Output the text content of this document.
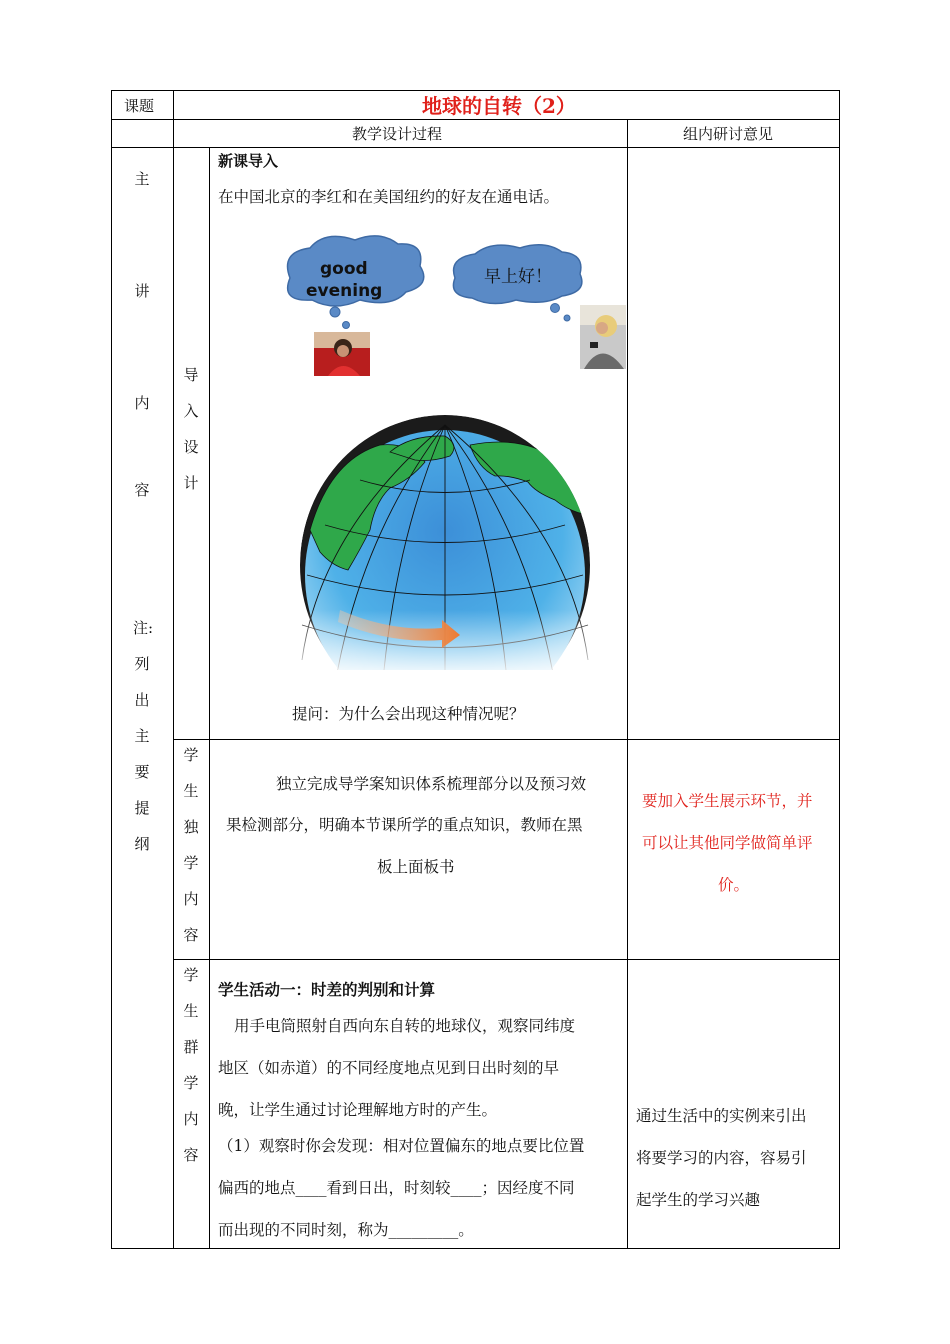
课题	地球的自转（2）
教学设计过程	组内研讨意见
主
讲
内
容
注:
列
出
主
要
提
纲
导
入
设
计
新课导入
在中国北京的李红和在美国纽约的好友在通电话。
good
evening
早上好！
提问：为什么会出现这种情况呢？
学
生
独
学
内
容
独立完成导学案知识体系梳理部分以及预习效
果检测部分，明确本节课所学的重点知识，教师在黑
板上面板书
要加入学生展示环节，并
可以让其他同学做简单评
价。
学
生
群
学
内
容
学生活动一：时差的判别和计算
用手电筒照射自西向东自转的地球仪，观察同纬度
地区（如赤道）的不同经度地点见到日出时刻的早
晚，让学生通过讨论理解地方时的产生。
（1）观察时你会发现：相对位置偏东的地点要比位置
偏西的地点____看到日出，时刻较____；因经度不同
而出现的不同时刻，称为_________。
通过生活中的实例来引出
将要学习的内容，容易引
起学生的学习兴趣
